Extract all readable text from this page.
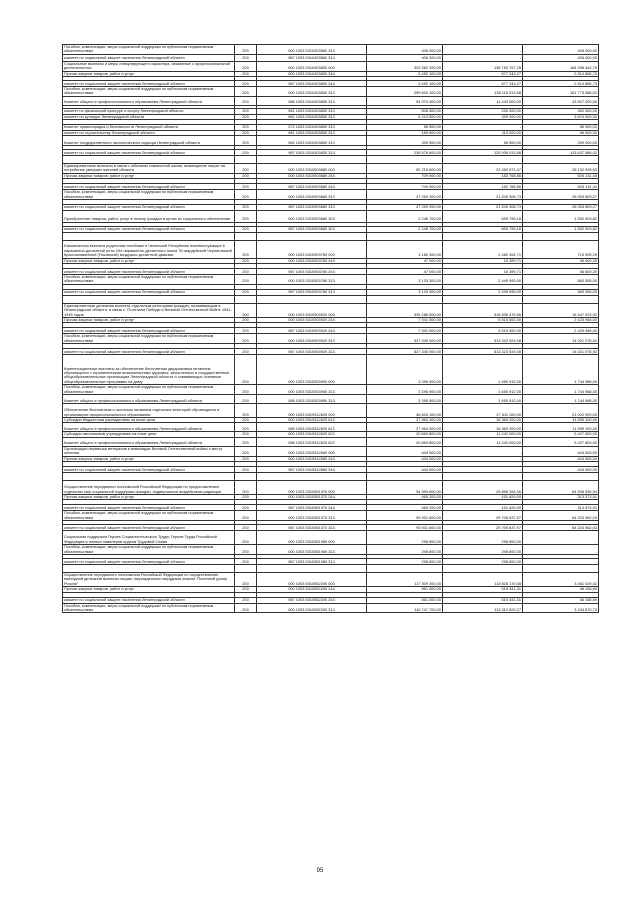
Пособия, компенсации, меры социальной поддержки по публичным нормативным обязательствам	200	000 1003 5310403560 313	406 000,00	-	406 000,00
комитет по социальной защите населения Ленинградской области	200	987 1003 5310403560 313	406 000,00	-	406 000,00
Социальные выплаты и меры стимулирующего характера, связанные с профессиональной деятельностью	200	000 1003 5310403830 000	303 362 200,00	138 763 757,25	164 598 442,75
Прочая закупка товаров, работ и услуг	200	000 1003 5310403830 244	3 492 100,00	677 243,27	2 814 856,73

комитет по социальной защите населения Ленинградской области	200	987 1003 5310403830 244	3 492 100,00	677 243,27	2 814 856,73
Пособия, компенсации, меры социальной поддержки по публичным нормативным обязательствам	200	000 1003 5310403830 313	299 600 100,00	138 116 513,98	161 773 586,02
Комитет общего и профессионального образования Ленинградской области	200	088 1003 5310403830 313	54 970 000,00	11 443 000,00	43 527 000,00

комитет по физической культуре и спорту Ленинградской области	200	961 1003 5310403830 313	508 500,00	226 000,00	282 500,00
комитет по культуре Ленинградской области	200	982 1003 5310403830 313	4 213 500,00	339 000,00	3 874 500,00

Комитет правопорядка и безопасности Ленинградской области	200	072 1003 5310403830 313	56 500,00	-	56 500,00
комитет по строительству Ленинградской области	200	981 1003 5310403830 313	169 500,00	113 000,00	56 500,00
Комитет государственного экологического надзора Ленинградской области	200	982 1003 5310403830 313	395 500,00	56 500,00	339 000,00

комитет по социальной защите населения Ленинградской области	200	987 1003 5310403830 313	239 576 600,00	125 939 013,98	113 637 586,02

Единовременные выплаты в связи с юбилеем совместной жизни, возмещение затрат на погребение умерших жителей области	200	000 1003 5310503680 000	50 216 600,00	22 083 671,47	28 132 928,53
Прочая закупка товаров, работ и услуг	200	000 1003 5310503680 244	709 900,00	182 768,56	526 131,44

комитет по социальной защите населения Ленинградской области	200	987 1003 5310503680 244	709 900,00	182 768,56	526 131,44
Пособия, компенсации, меры социальной поддержки по публичным нормативным обязательствам	200	000 1003 5310503680 313	47 259 200,00	21 205 306,73	26 053 893,27

комитет по социальной защите населения Ленинградской области	200	987 1003 5310503680 313	47 259 200,00	21 205 306,73	26 053 893,27
Приобретение товаров, работ, услуг в пользу граждан в целях их социального обеспечения	200	000 1003 5310503680 323	2 248 700,00	695 796,18	1 552 903,82

комитет по социальной защите населения Ленинградской области	200	987 1003 5310503680 323	2 248 700,00	695 796,18	1 552 903,82

Ежемесячная выплата родителям погибших в Чеченской Республике военнослужащих 6 парашютно-десантной роты 104 парашютно-десантного полка 76 гвардейской Черниговской Краснознаменной (Псковской) воздушно-десантной дивизии	200	000 1003 5310503760 000	3 180 300,00	2 460 394,71	719 905,29
Прочая закупка товаров, работ и услуг	200	000 1003 5310503760 244	47 000,00	10 399,71	36 600,29

комитет по социальной защите населения Ленинградской области	200	987 1003 5310503760 244	47 000,00	10 399,71	36 600,29
Пособия, компенсации, меры социальной поддержки по публичным нормативным обязательствам	200	000 1003 5310503760 313	3 133 300,00	2 449 995,00	683 305,00

комитет по социальной защите населения Ленинградской области	200	987 1003 5310503760 313	3 133 300,00	2 449 995,00	683 305,00

Единовременная денежная выплата отдельным категориям граждан, проживающим в Ленинградской области, в связи с 75-летием Победы в Великой Отечественной Войне 1941-1945 годов	200	000 1003 5310503920 000	535 286 500,00	518 839 476,56	16 447 023,92
Прочая закупка товаров, работ и услуг	200	000 1003 5310503920 244	7 941 500,00	5 515 552,00	2 425 948,00

комитет по социальной защите населения Ленинградской области	200	987 1003 5310503920 244	7 941 500,00	5 515 552,00	2 425 948,00
Пособия, компенсации, меры социальной поддержки по публичным нормативным обязательствам	200	000 1003 5310503920 313	527 345 000,00	513 323 924,08	14 021 075,92

комитет по социальной защите населения Ленинградской области	200	987 1003 5310503920 313	527 345 000,00	513 323 924,08	14 021 075,92
Компенсационные выплаты за обеспечение бесплатным двухразовым питанием обучающихся с ограниченными возможностями здоровья, зачисленных в государственные общеобразовательные организации Ленинградской области и осваивающих основные общеобразовательные программы на дому	200	000 1003 5310503950 000	3 395 900,00	1 650 912,00	1 744 988,00
Пособия, компенсации, меры социальной поддержки по публичным нормативным обязательствам	200	000 1003 5310503950 313	3 395 900,00	1 650 912,00	1 744 988,00
Комитет общего и профессионального образования Ленинградской области	200	088 1003 5310503950 313	3 395 900,00	1 650 912,00	1 744 988,00
Обеспечение бесплатным и льготным питанием отдельных категорий обучающихся в организациях профессионального образования	200	000 1003 5310512620 000	48 634 100,00	27 611 200,00	21 022 900,00
Субсидии бюджетным учреждениям на иные цели	200	000 1003 5310512620 612	27 964 300,00	16 369 200,00	11 595 100,00
Комитет общего и профессионального образования Ленинградской области	200	088 1003 5310512620 612	27 964 300,00	16 369 200,00	11 595 100,00
Субсидии автономным учреждениям на иные цели	200	000 1003 5310512620 622	20 669 800,00	11 242 000,00	9 427 800,00
Комитет общего и профессионального образования Ленинградской области	200	088 1003 5310512620 622	20 669 800,00	11 242 000,00	9 427 800,00
Организация перевозки ветеранов и инвалидов Великой Отечественной войны к месту лечения	200	000 1003 5310512660 000	444 500,00	-	444 500,00
Прочая закупка товаров, работ и услуг	200	000 1003 5310512660 244	444 500,00	-	444 500,00

комитет по социальной защите населения Ленинградской области	200	987 1003 5310512660 244	444 500,00	-	444 500,00

Осуществление переданных полномочий Российской Федерации по предоставлению отдельных мер социальной поддержки граждан, подвергшихся воздействию радиации	200	000 1003 5310551370 000	94 399 800,00	29 858 264,06	64 538 535,94
Прочая закупка товаров, работ и услуг	200	000 1003 5310551370 244	465 200,00	151 626,09	313 573,91

комитет по социальной защите населения Ленинградской области	200	987 1003 5310551370 244	465 200,00	151 626,09	313 573,91
Пособия, компенсации, меры социальной поддержки по публичным нормативным обязательствам	200	000 1003 5310551370 313	93 931 600,00	29 706 637,97	64 224 962,03

комитет по социальной защите населения Ленинградской области	200	987 1003 5310551370 313	93 931 600,00	29 706 637,97	64 224 962,03
Социальная поддержка Героев Социалистического Труда, Героев Труда Российской Федерации и полных кавалеров ордена Трудовой Славы	200	000 1003 5310551980 000	298 892,00	298 892,00	-
Пособия, компенсации, меры социальной поддержки по публичным нормативным обязательствам	200	000 1003 5310551980 313	298 892,00	298 892,00	-

комитет по социальной защите населения Ленинградской области	200	987 1003 5310551980 313	298 892,00	298 892,00	-

Осуществление переданного полномочия Российской Федерации по осуществлению ежегодной денежной выплаты лицам, награжденным нагрудным знаком "Почетный донор России"	200	000 1003 5310552200 000	117 309 200,00	113 828 170,58	3 481 029,42
Прочая закупка товаров, работ и услуг	200	000 1003 5310552200 244	561 500,00	515 341,31	46 158,69

комитет по социальной защите населения Ленинградской области	200	987 1003 5310552200 244	561 500,00	515 341,31	46 158,69
Пособия, компенсации, меры социальной поддержки по публичным нормативным обязательствам	200	000 1003 5310552200 313	116 747 700,00	113 312 829,27	3 434 870,73
95
